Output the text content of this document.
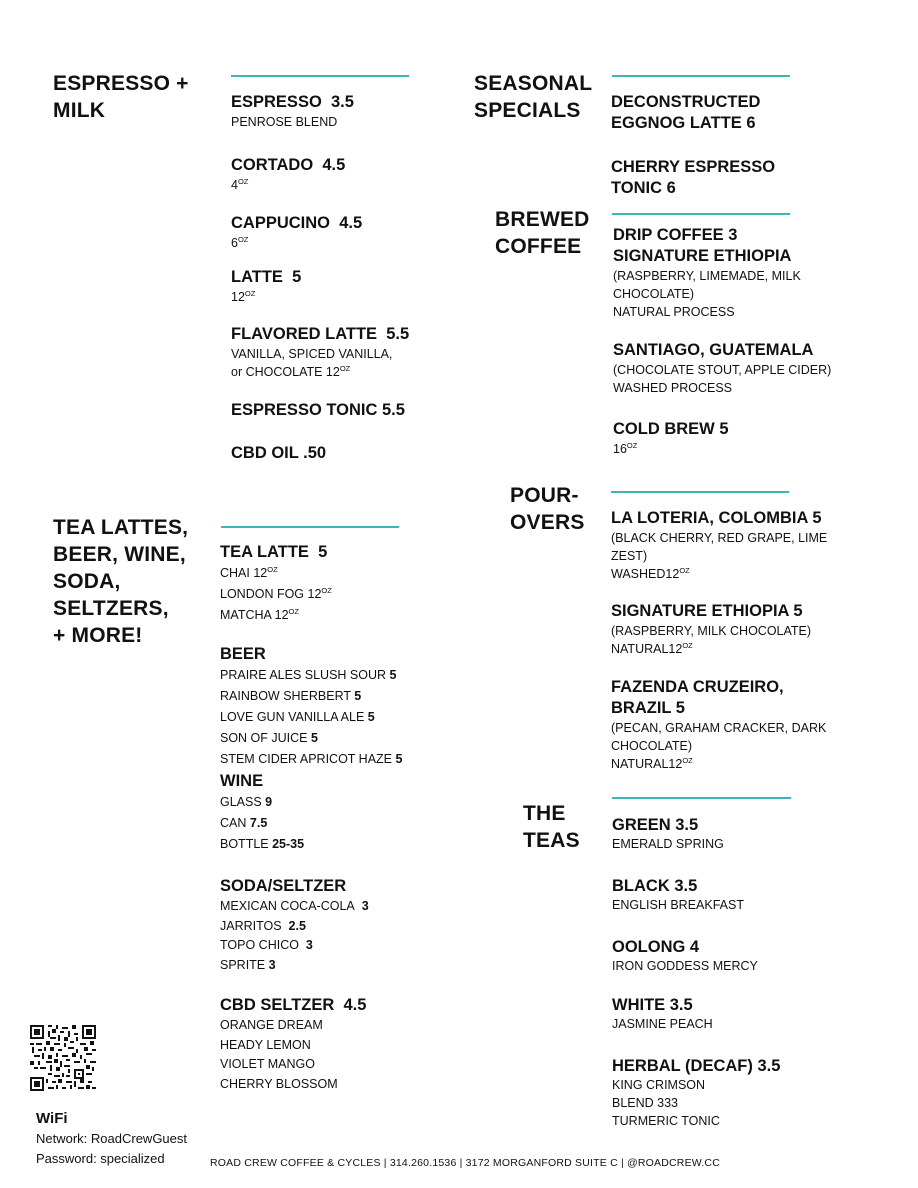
ESPRESSO +
MILK	ESPRESSO 3.5
PENROSE BLEND
CORTADO 4.5
$4^{OZ}$
CAPPUCINO 4.5
$6^{OZ}$
LATTE 5
$12^{OZ}$
FLAVORED LATTE 5.5
VANILLA, SPICED VANILLA,
or CHOCOLATE $12^{OZ}$
ESPRESSO TONIC 5.5
CBD OIL .50
TEA LATTES,
BEER, WINE,
SODA,
SELTZERS,
+ MORE!
TEA LATTE 5
CHAI $12^{OZ}$
LONDON FOG $12^{OZ}$
MATCHA $12^{OZ}$
BEER
PRAIRE ALES SLUSH SOUR 5
RAINBOW SHERBERT 5
LOVE GUN VANILLA ALE 5
SON OF JUICE 5
STEM CIDER APRICOT HAZE 5
WINE
GLASS 9
CAN 7.5
BOTTLE 25-35
SODA/SELTZER
MEXICAN COCA-COLA 3
JARRITOS 2.5
TOPO CHICO 3
SPRITE 3
CBD SELTZER 4.5
ORANGE DREAM
HEADY LEMON
VIOLET MANGO
CHERRY BLOSSOM
SEASONAL
SPECIALS	DECONSTRUCTED
EGGNOG LATTE 6
CHERRY ESPRESSO
TONIC 6
BREWED
COFFEE	DRIP COFFEE 3
SIGNATURE ETHIOPIA
(RASPBERRY, LIMEMADE, MILK
CHOCOLATE)
NATURAL PROCESS
SANTIAGO, GUATEMALA
(CHOCOLATE STOUT, APPLE CIDER)
WASHED PROCESS
COLD BREW 5
$16^{OZ}$
POUR-
OVERS LA LOTERIA, COLOMBIA 5
(BLACK CHERRY, RED GRAPE, LIME
ZEST)
$WASHED12^{OZ}$
SIGNATURE ETHIOPIA 5
(RASPBERRY, MILK CHOCOLATE)
$NATURAL12^{OZ}$
FAZENDA CRUZEIRO,
BRAZIL 5
(PECAN, GRAHAM CRACKER, DARK
CHOCOLATE)
$NATURAL12^{OZ}$
THE
TEAS
GREEN 3.5
EMERALD SPRING
BLACK 3.5
ENGLISH BREAKFAST
OOLONG 4
IRON GODDESS MERCY
WHITE 3.5
JASMINE PEACH
HERBAL (DECAF) 3.5
KING CRIMSON
BLEND 333
TURMERIC TONIC
WiFi
Network: RoadCrewGuest
Password: specialized	ROAD CREW COFFEE & CYCLES | 314.260.1536 | 3172 MORGANFORD SUITE C | @ROADCREW.CC
